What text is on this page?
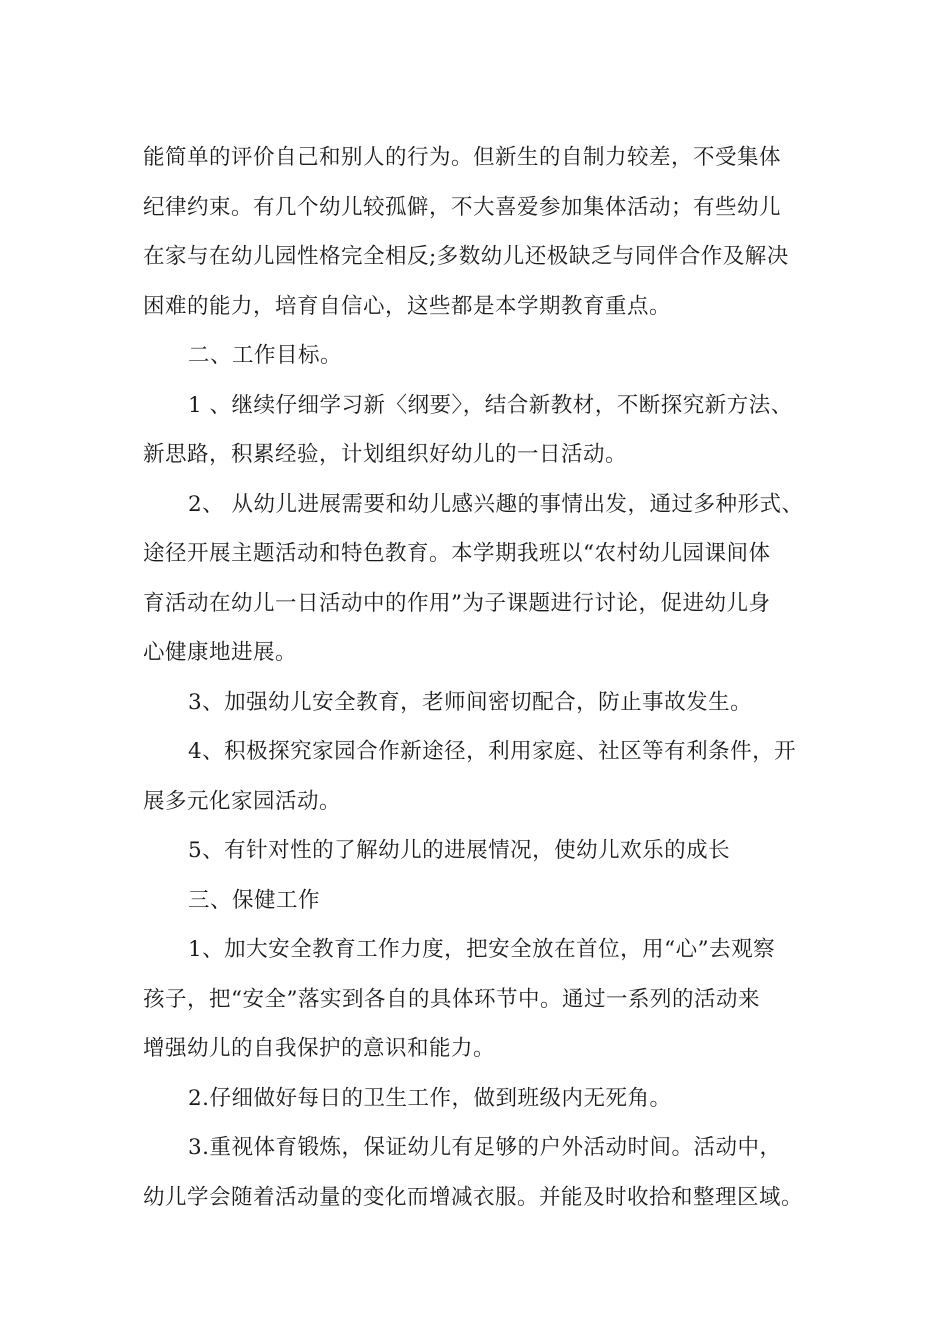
能简单的评价自己和别人的行为。但新生的自制力较差，不受集体
纪律约束。有几个幼儿较孤僻，不大喜爱参加集体活动；有些幼儿
在家与在幼儿园性格完全相反;多数幼儿还极缺乏与同伴合作及解决
困难的能力，培育自信心，这些都是本学期教育重点。
二、工作目标。
1 、继续仔细学习新〈纲要〉，结合新教材，不断探究新方法、
新思路，积累经验，计划组织好幼儿的一日活动。
2、 从幼儿进展需要和幼儿感兴趣的事情出发，通过多种形式、
途径开展主题活动和特色教育。本学期我班以“农村幼儿园课间体
育活动在幼儿一日活动中的作用”为子课题进行讨论，促进幼儿身
心健康地进展。
3、加强幼儿安全教育，老师间密切配合，防止事故发生。
4、积极探究家园合作新途径，利用家庭、社区等有利条件，开
展多元化家园活动。
5、有针对性的了解幼儿的进展情况，使幼儿欢乐的成长
三、保健工作
1、加大安全教育工作力度，把安全放在首位，用“心”去观察
孩子，把“安全”落实到各自的具体环节中。通过一系列的活动来
增强幼儿的自我保护的意识和能力。
2.仔细做好每日的卫生工作，做到班级内无死角。
3.重视体育锻炼，保证幼儿有足够的户外活动时间。活动中，
幼儿学会随着活动量的变化而增减衣服。并能及时收拾和整理区域。
